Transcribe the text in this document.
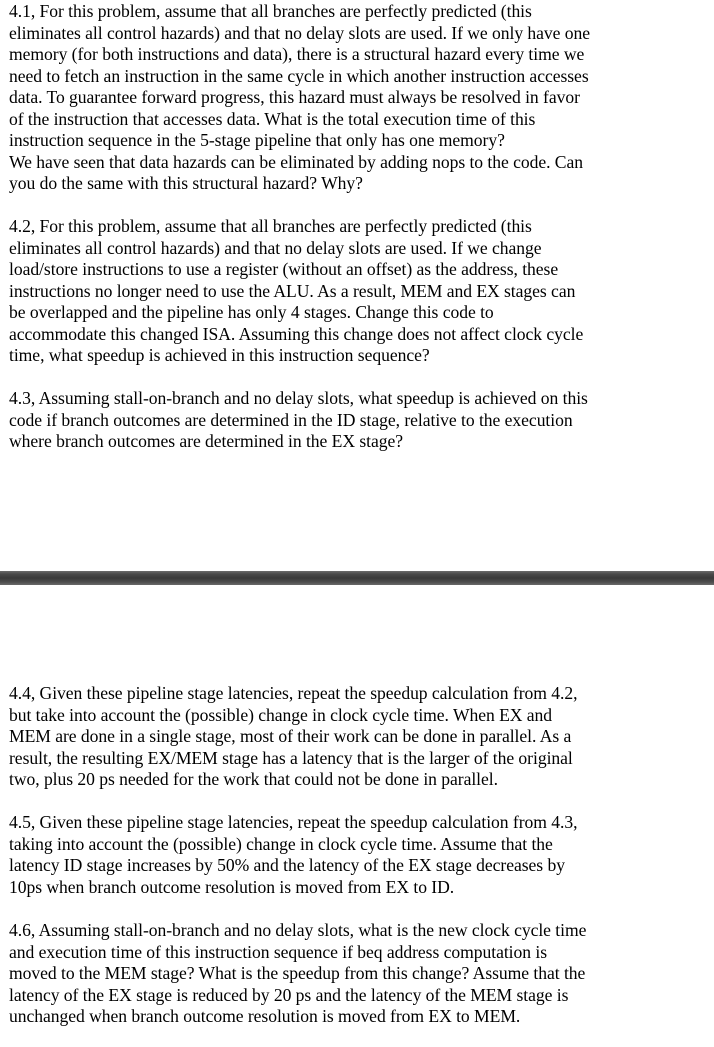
4.1, For this problem, assume that all branches are perfectly predicted (this
eliminates all control hazards) and that no delay slots are used. If we only have one
memory (for both instructions and data), there is a structural hazard every time we
need to fetch an instruction in the same cycle in which another instruction accesses
data. To guarantee forward progress, this hazard must always be resolved in favor
of the instruction that accesses data. What is the total execution time of this
instruction sequence in the 5-stage pipeline that only has one memory?
We have seen that data hazards can be eliminated by adding nops to the code. Can
you do the same with this structural hazard? Why?

4.2, For this problem, assume that all branches are perfectly predicted (this
eliminates all control hazards) and that no delay slots are used. If we change
load/store instructions to use a register (without an offset) as the address, these
instructions no longer need to use the ALU. As a result, MEM and EX stages can
be overlapped and the pipeline has only 4 stages. Change this code to
accommodate this changed ISA. Assuming this change does not affect clock cycle
time, what speedup is achieved in this instruction sequence?

4.3, Assuming stall-on-branch and no delay slots, what speedup is achieved on this
code if branch outcomes are determined in the ID stage, relative to the execution
where branch outcomes are determined in the EX stage?

4.4, Given these pipeline stage latencies, repeat the speedup calculation from 4.2,
but take into account the (possible) change in clock cycle time. When EX and
MEM are done in a single stage, most of their work can be done in parallel. As a
result, the resulting EX/MEM stage has a latency that is the larger of the original
two, plus 20 ps needed for the work that could not be done in parallel.

4.5, Given these pipeline stage latencies, repeat the speedup calculation from 4.3,
taking into account the (possible) change in clock cycle time. Assume that the
latency ID stage increases by 50% and the latency of the EX stage decreases by
10ps when branch outcome resolution is moved from EX to ID.

4.6, Assuming stall-on-branch and no delay slots, what is the new clock cycle time
and execution time of this instruction sequence if beq address computation is
moved to the MEM stage? What is the speedup from this change? Assume that the
latency of the EX stage is reduced by 20 ps and the latency of the MEM stage is
unchanged when branch outcome resolution is moved from EX to MEM.
